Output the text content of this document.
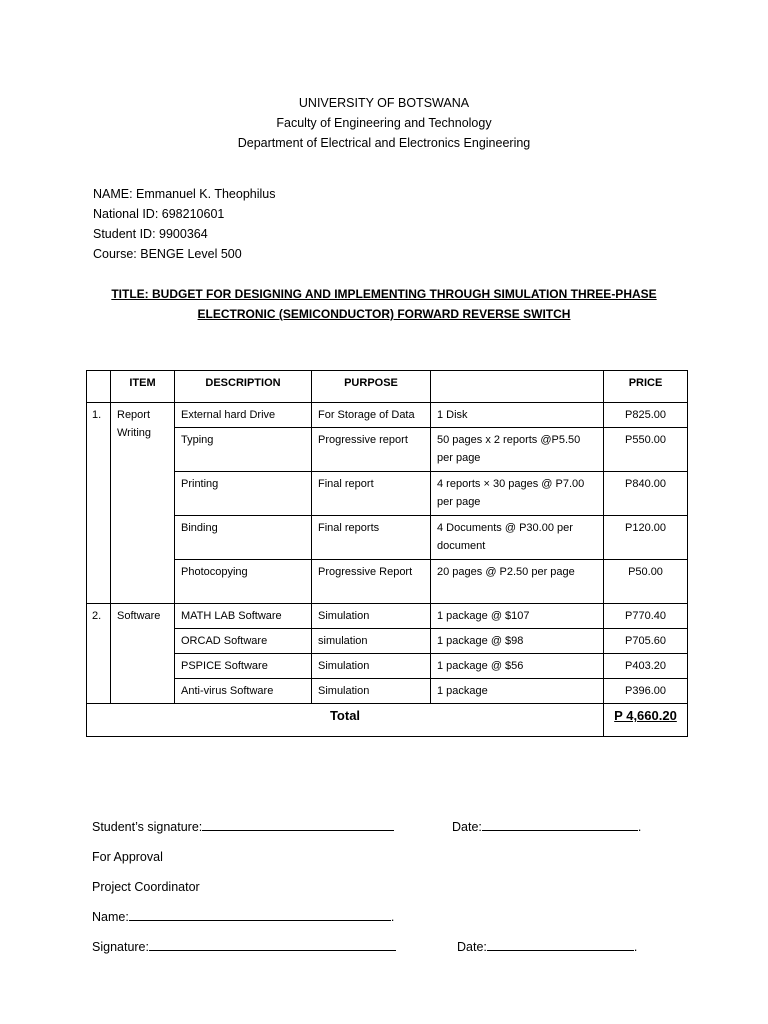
UNIVERSITY OF BOTSWANA
Faculty of Engineering and Technology
Department of Electrical and Electronics Engineering
NAME: Emmanuel K. Theophilus
National ID: 698210601
Student ID: 9900364
Course: BENGE Level 500
TITLE: BUDGET FOR DESIGNING AND IMPLEMENTING THROUGH SIMULATION THREE-PHASE
ELECTRONIC (SEMICONDUCTOR) FORWARD REVERSE SWITCH
	ITEM	DESCRIPTION	PURPOSE		PRICE
1.	Report Writing	External hard Drive	For Storage of Data	1 Disk	P825.00
		Typing	Progressive report	50 pages x 2 reports @P5.50 per page	P550.00
		Printing	Final report	4 reports × 30 pages @ P7.00 per page	P840.00
		Binding	Final reports	4 Documents @ P30.00 per document	P120.00
		Photocopying	Progressive Report	20 pages @ P2.50 per page	P50.00
2.	Software	MATH LAB Software	Simulation	1 package @ $107	P770.40
		ORCAD Software	simulation	1 package @ $98	P705.60
		PSPICE Software	Simulation	1 package @ $56	P403.20
		Anti-virus Software	Simulation	1 package	P396.00
Total					P 4,660.20
Student’s signature:	Date:	.
For Approval
Project Coordinator
Name:	.
Signature:	Date:	.
